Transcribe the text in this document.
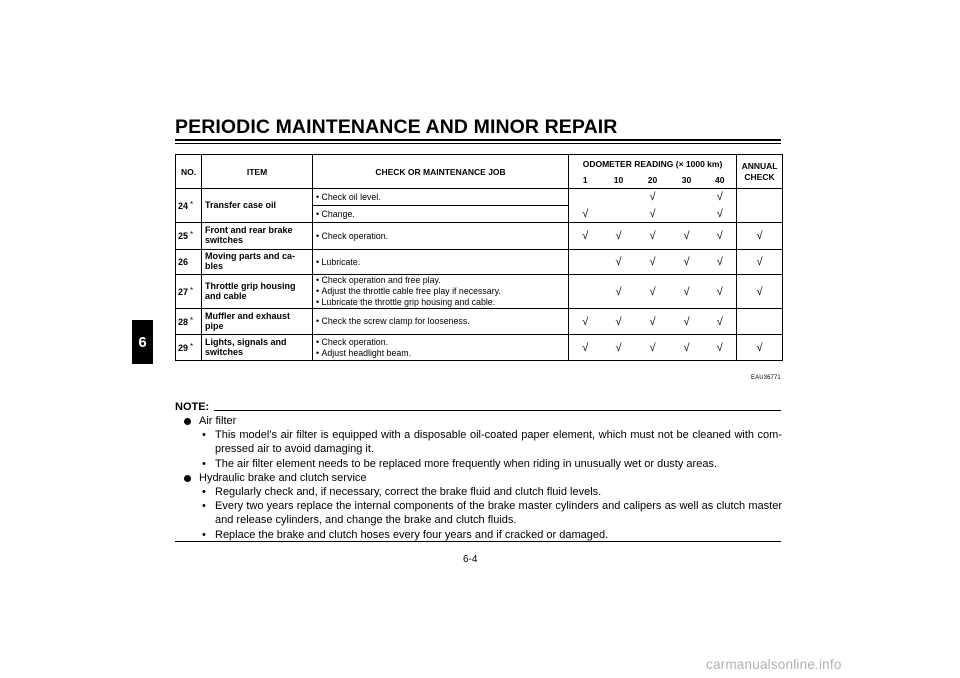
PERIODIC MAINTENANCE AND MINOR REPAIR
6
NO.	ITEM	CHECK OR MAINTENANCE JOB	ODOMETER READING (× 1000 km)					ANNUAL CHECK
			1	10	20	30	40	
24 *	Transfer case oil	• Check oil level.			√		√	

		• Change.	√		√		√	
25 *	Front and rear brake switches	• Check operation.	√	√	√	√	√	√
26	Moving parts and ca-bles	• Lubricate.		√	√	√	√	√
27 *	Throttle grip housing and cable	• Check operation and free play.
• Adjust the throttle cable free play if necessary.
• Lubricate the throttle grip housing and cable.		√	√	√	√	√
28 *	Muffler and exhaust pipe	• Check the screw clamp for looseness.	√	√	√	√	√	
29 *	Lights, signals and switches	• Check operation.
• Adjust headlight beam.	√	√	√	√	√	√
EAU36771
NOTE:
Air filter
• This model’s air filter is equipped with a disposable oil-coated paper element, which must not be cleaned with com-pressed air to avoid damaging it.
• The air filter element needs to be replaced more frequently when riding in unusually wet or dusty areas.
Hydraulic brake and clutch service
• Regularly check and, if necessary, correct the brake fluid and clutch fluid levels.
• Every two years replace the internal components of the brake master cylinders and calipers as well as clutch master and release cylinders, and change the brake and clutch fluids.
• Replace the brake and clutch hoses every four years and if cracked or damaged.
6-4
carmanualsonline.info
